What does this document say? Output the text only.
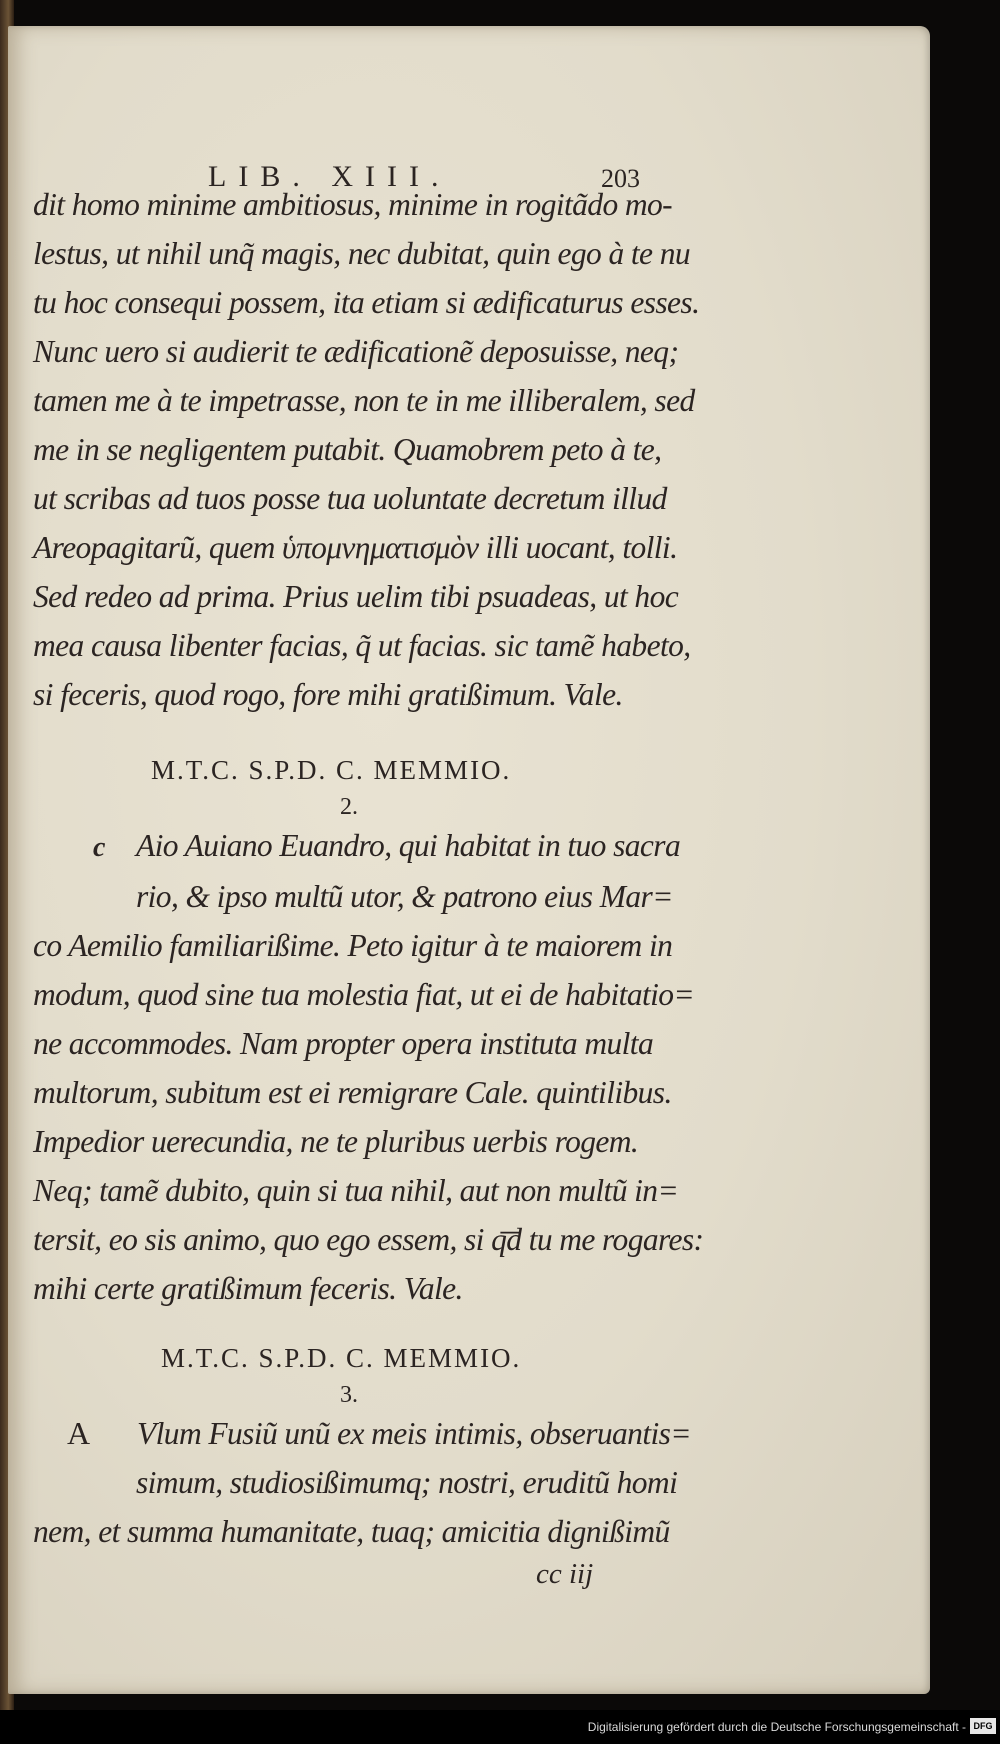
LIB. XIII.	203
dit homo minime ambitiosus, minime in rogitãdo mo-
lestus, ut nihil unq̃ magis, nec dubitat, quin ego à te nu
tu hoc consequi possem, ita etiam si ædificaturus esses.
Nunc uero si audierit te ædificationẽ deposuisse, neq;
tamen me à te impetrasse, non te in me illiberalem, sed
me in se negligentem putabit. Quamobrem peto à te,
ut scribas ad tuos posse tua uoluntate decretum illud
Areopagitarũ, quem ὑπομνηματισμὸν illi uocant, tolli.
Sed redeo ad prima. Prius uelim tibi psuadeas, ut hoc
mea causa libenter facias, q̃ ut facias. sic tamẽ habeto,
si feceris, quod rogo, fore mihi gratißimum. Vale.
M.T.C. S.P.D. C. MEMMIO.
2.
c Aio Auiano Euandro, qui habitat in tuo sacra
rio, & ipso multũ utor, & patrono eius Mar=
co Aemilio familiarißime. Peto igitur à te maiorem in
modum, quod sine tua molestia fiat, ut ei de habitatio=
ne accommodes. Nam propter opera instituta multa
multorum, subitum est ei remigrare Cale. quintilibus.
Impedior uerecundia, ne te pluribus uerbis rogem.
Neq; tamẽ dubito, quin si tua nihil, aut non multũ in=
tersit, eo sis animo, quo ego essem, si q͞d tu me rogares:
mihi certe gratißimum feceris. Vale.
M.T.C. S.P.D. C. MEMMIO.
3.
A Vlum Fusiũ unũ ex meis intimis, obseruantis=
simum, studiosißimumq; nostri, eruditũ homi
nem, et summa humanitate, tuaq; amicitia dignißimũ
cc iij
Digitalisierung gefördert durch die Deutsche Forschungsgemeinschaft - DFG
